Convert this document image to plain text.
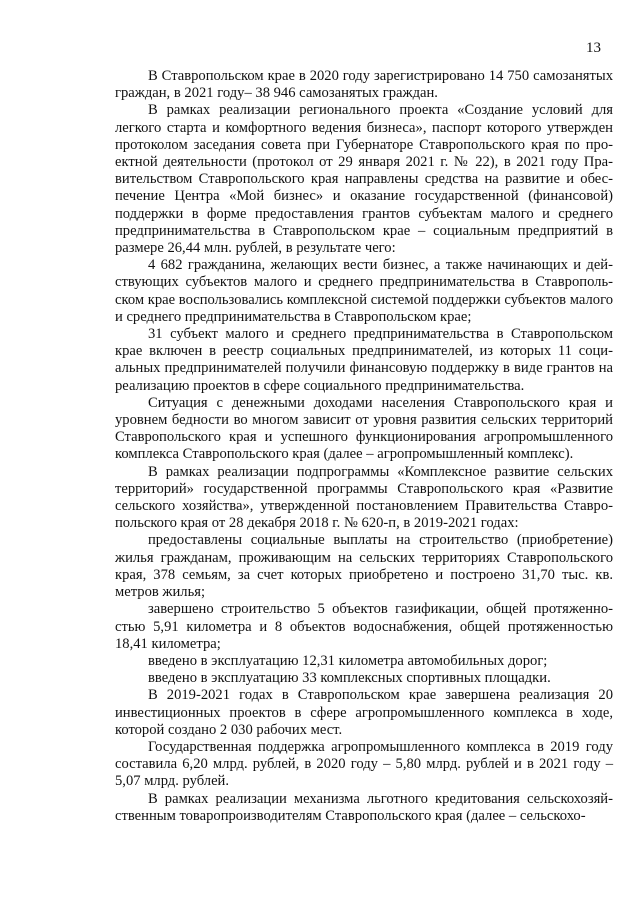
13

В Ставропольском крае в 2020 году зарегистрировано 14 750 самозанятых граждан, в 2021 году– 38 946 самозанятых граждан.

В рамках реализации регионального проекта «Создание условий для легкого старта и комфортного ведения бизнеса», паспорт которого утвержден протоколом заседания совета при Губернаторе Ставропольского края по проектной деятельности (протокол от 29 января 2021 г. № 22), в 2021 году Правительством Ставропольского края направлены средства на развитие и обеспечение Центра «Мой бизнес» и оказание государственной (финансовой) поддержки в форме предоставления грантов субъектам малого и среднего предпринимательства в Ставропольском крае – социальным предприятий в размере 26,44 млн. рублей, в результате чего:

4 682 гражданина, желающих вести бизнес, а также начинающих и действующих субъектов малого и среднего предпринимательства в Ставропольском крае воспользовались комплексной системой поддержки субъектов малого и среднего предпринимательства в Ставропольском крае;

31 субъект малого и среднего предпринимательства в Ставропольском крае включен в реестр социальных предпринимателей, из которых 11 социальных предпринимателей получили финансовую поддержку в виде грантов на реализацию проектов в сфере социального предпринимательства.

Ситуация с денежными доходами населения Ставропольского края и уровнем бедности во многом зависит от уровня развития сельских территорий Ставропольского края и успешного функционирования агропромышленного комплекса Ставропольского края (далее – агропромышленный комплекс).

В рамках реализации подпрограммы «Комплексное развитие сельских территорий» государственной программы Ставропольского края «Развитие сельского хозяйства», утвержденной постановлением Правительства Ставропольского края от 28 декабря 2018 г. № 620-п, в 2019-2021 годах:

предоставлены социальные выплаты на строительство (приобретение) жилья гражданам, проживающим на сельских территориях Ставропольского края, 378 семьям, за счет которых приобретено и построено 31,70 тыс. кв. метров жилья;

завершено строительство 5 объектов газификации, общей протяженностью 5,91 километра и 8 объектов водоснабжения, общей протяженностью 18,41 километра;

введено в эксплуатацию 12,31 километра автомобильных дорог;

введено в эксплуатацию 33 комплексных спортивных площадки.

В 2019-2021 годах в Ставропольском крае завершена реализация 20 инвестиционных проектов в сфере агропромышленного комплекса в ходе, которой создано 2 030 рабочих мест.

Государственная поддержка агропромышленного комплекса в 2019 году составила 6,20 млрд. рублей, в 2020 году – 5,80 млрд. рублей и в 2021 году – 5,07 млрд. рублей.

В рамках реализации механизма льготного кредитования сельскохозяйственным товаропроизводителям Ставропольского края (далее – сельскохо-
